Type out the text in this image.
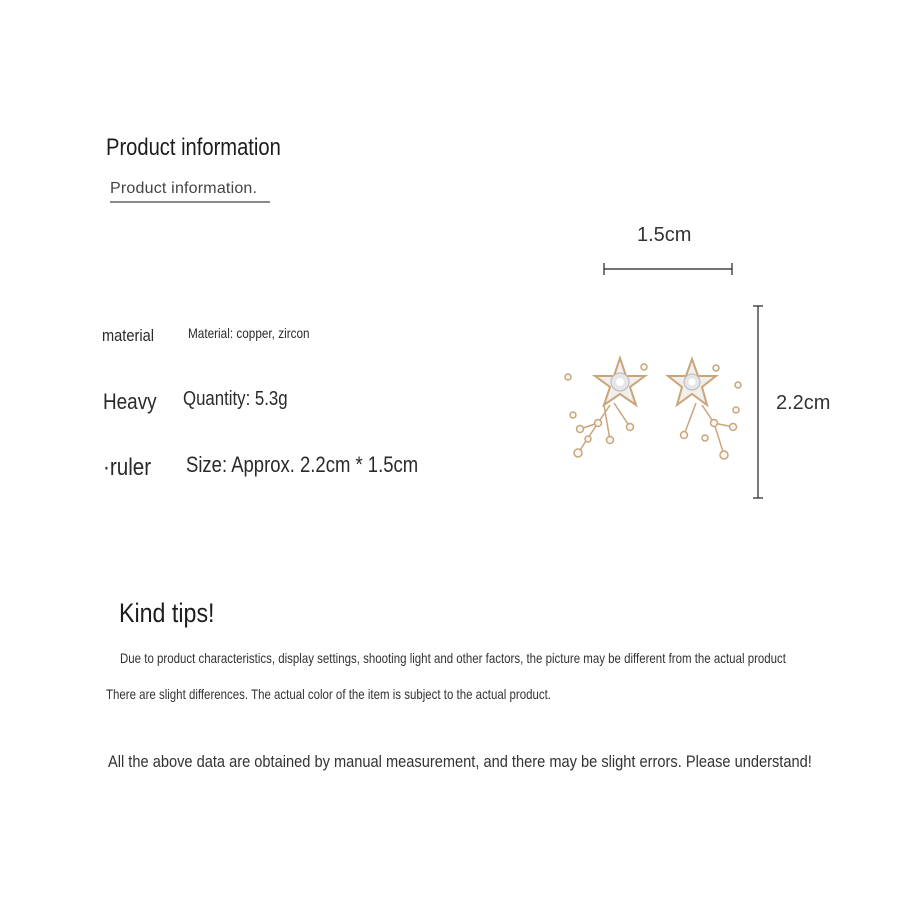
Product information
Product information.
material Material: copper, zircon
Heavy Quantity: 5.3g
·ruler Size: Approx. 2.2cm * 1.5cm
1.5cm
2.2cm
Kind tips!
Due to product characteristics, display settings, shooting light and other factors, the picture may be different from the actual product
There are slight differences. The actual color of the item is subject to the actual product.
All the above data are obtained by manual measurement, and there may be slight errors. Please understand!
